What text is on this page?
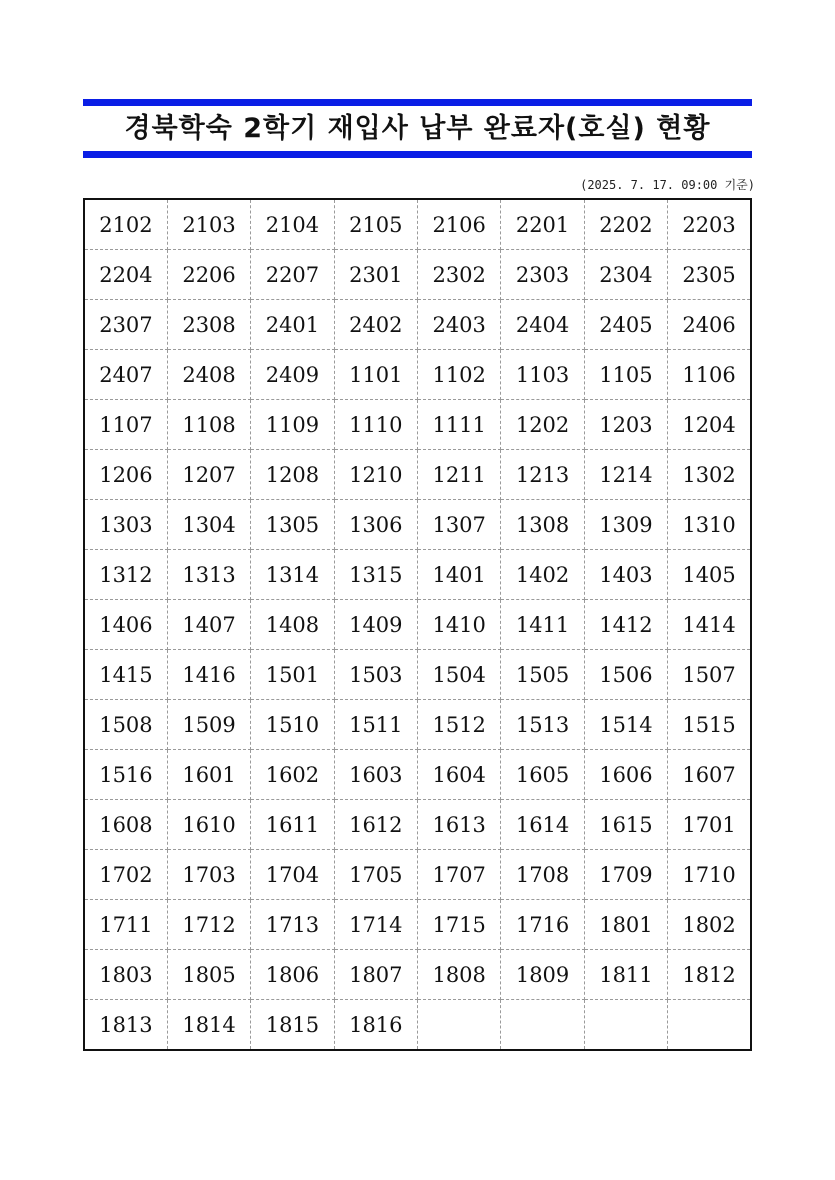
경북학숙 2학기 재입사 납부 완료자(호실) 현황
(2025. 7. 17. 09:00 기준)
2102	2103	2104	2105	2106	2201	2202	2203
2204	2206	2207	2301	2302	2303	2304	2305
2307	2308	2401	2402	2403	2404	2405	2406
2407	2408	2409	1101	1102	1103	1105	1106
1107	1108	1109	1110	1111	1202	1203	1204
1206	1207	1208	1210	1211	1213	1214	1302
1303	1304	1305	1306	1307	1308	1309	1310
1312	1313	1314	1315	1401	1402	1403	1405
1406	1407	1408	1409	1410	1411	1412	1414
1415	1416	1501	1503	1504	1505	1506	1507
1508	1509	1510	1511	1512	1513	1514	1515
1516	1601	1602	1603	1604	1605	1606	1607
1608	1610	1611	1612	1613	1614	1615	1701
1702	1703	1704	1705	1707	1708	1709	1710
1711	1712	1713	1714	1715	1716	1801	1802
1803	1805	1806	1807	1808	1809	1811	1812
1813	1814	1815	1816				
